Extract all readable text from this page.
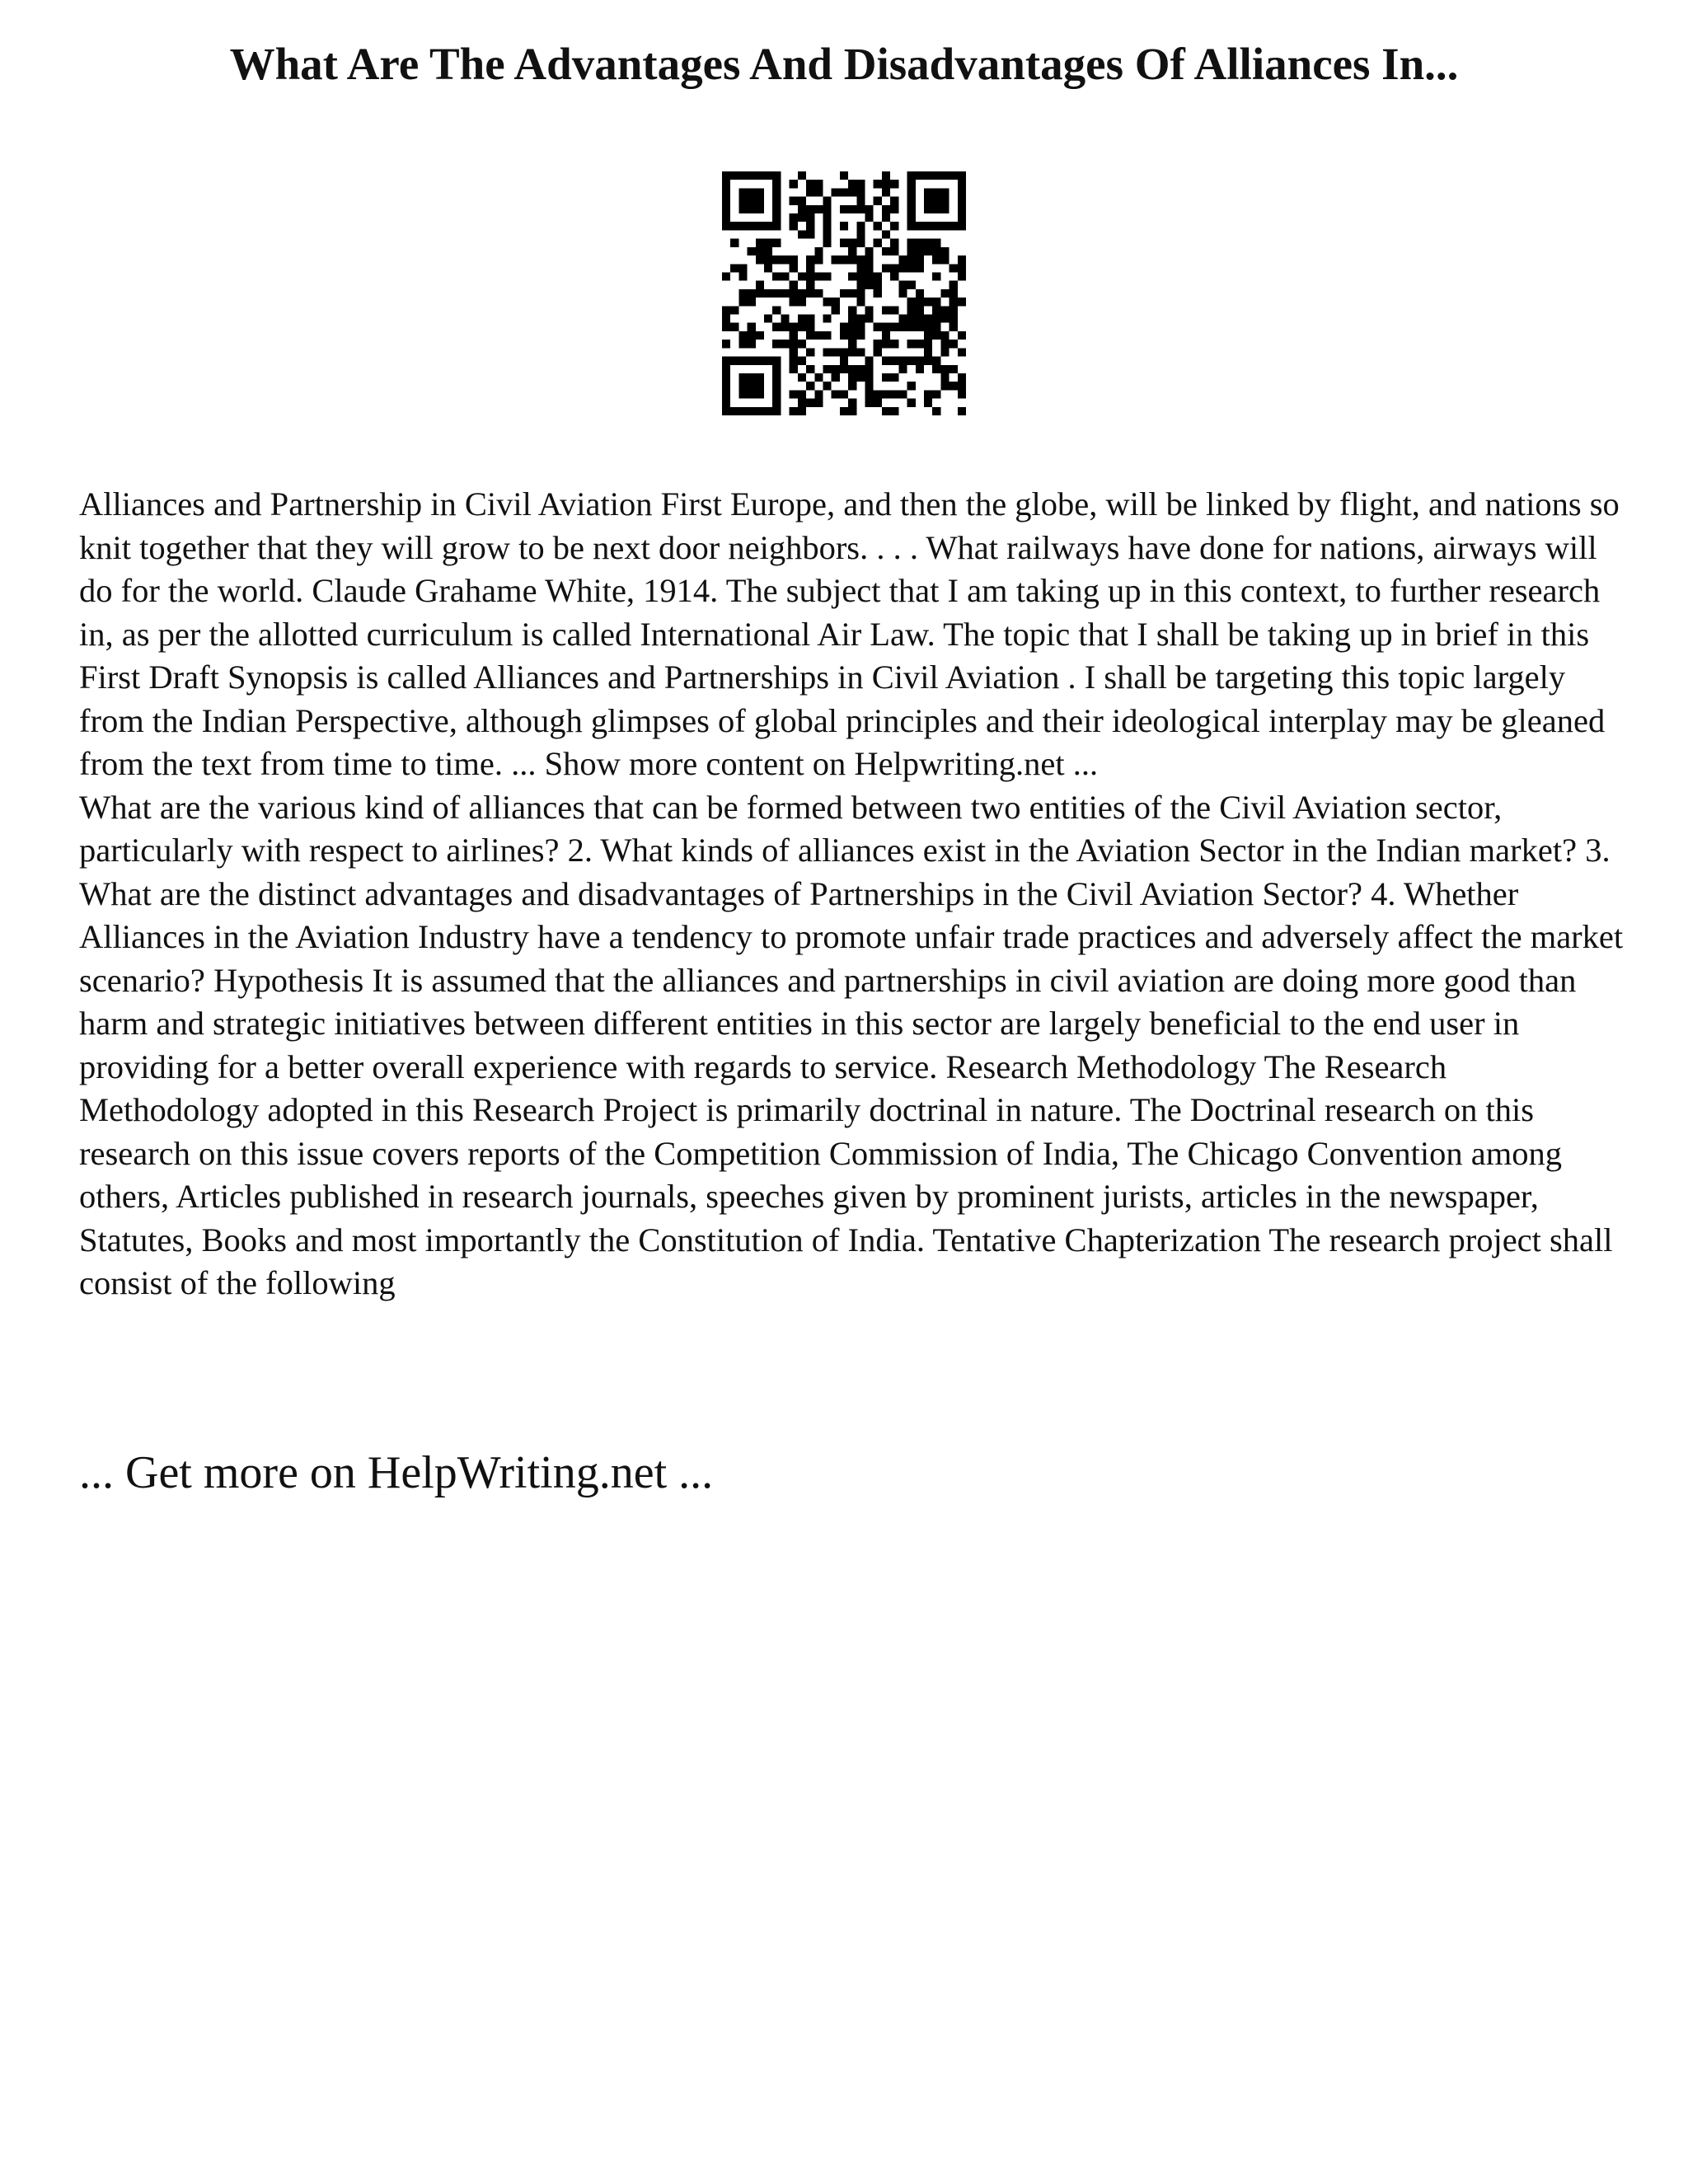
What Are The Advantages And Disadvantages Of Alliances In...

Alliances and Partnership in Civil Aviation First Europe, and then the globe, will be linked by flight, and nations so knit together that they will grow to be next door neighbors. . . . What railways have done for nations, airways will do for the world. Claude Grahame White, 1914. The subject that I am taking up in this context, to further research in, as per the allotted curriculum is called International Air Law. The topic that I shall be taking up in brief in this First Draft Synopsis is called Alliances and Partnerships in Civil Aviation . I shall be targeting this topic largely from the Indian Perspective, although glimpses of global principles and their ideological interplay may be gleaned from the text from time to time. ... Show more content on Helpwriting.net ...

What are the various kind of alliances that can be formed between two entities of the Civil Aviation sector, particularly with respect to airlines? 2. What kinds of alliances exist in the Aviation Sector in the Indian market? 3. What are the distinct advantages and disadvantages of Partnerships in the Civil Aviation Sector? 4. Whether Alliances in the Aviation Industry have a tendency to promote unfair trade practices and adversely affect the market scenario? Hypothesis It is assumed that the alliances and partnerships in civil aviation are doing more good than harm and strategic initiatives between different entities in this sector are largely beneficial to the end user in providing for a better overall experience with regards to service. Research Methodology The Research Methodology adopted in this Research Project is primarily doctrinal in nature. The Doctrinal research on this research on this issue covers reports of the Competition Commission of India, The Chicago Convention among others, Articles published in research journals, speeches given by prominent jurists, articles in the newspaper, Statutes, Books and most importantly the Constitution of India. Tentative Chapterization The research project shall consist of the following

... Get more on HelpWriting.net ...
